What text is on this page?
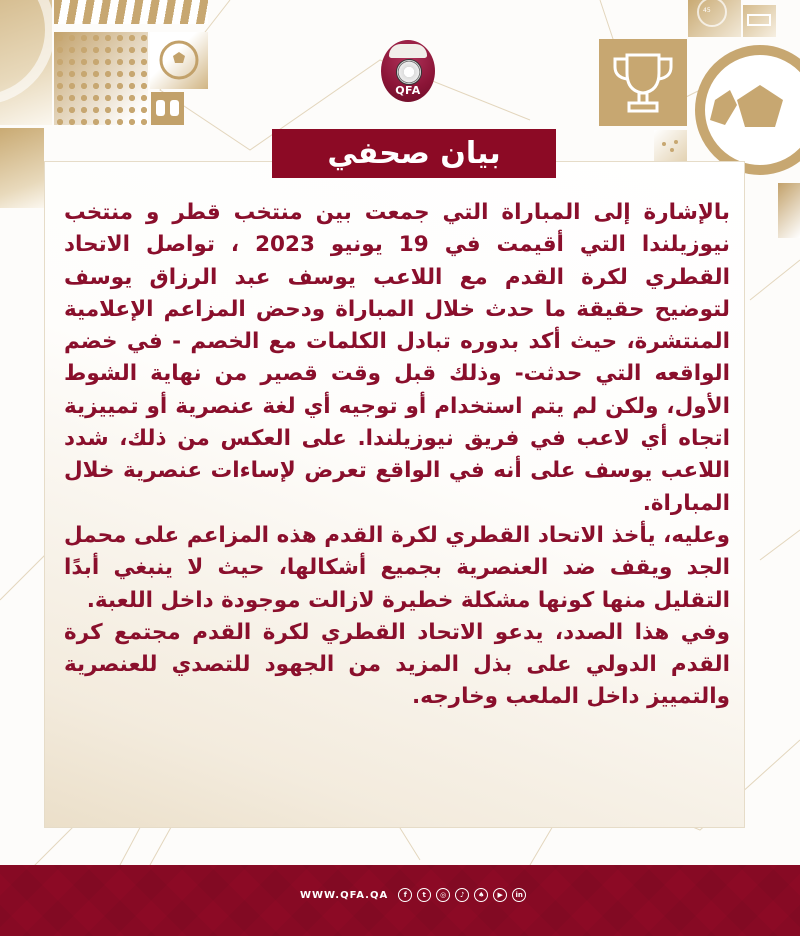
45
QFA
بيان صحفي

بالإشارة إلى المباراة التي جمعت بين منتخب قطر و منتخب نيوزيلندا التي أقيمت في 19 يونيو 2023 ، تواصل الاتحاد القطري لكرة القدم مع اللاعب يوسف عبد الرزاق يوسف لتوضيح حقيقة ما حدث خلال المباراة ودحض المزاعم الإعلامية المنتشرة، حيث أكد بدوره تبادل الكلمات مع الخصم - في خضم الواقعه التي حدثت- وذلك قبل وقت قصير من نهاية الشوط الأول، ولكن لم يتم استخدام أو توجيه أي لغة عنصرية أو تمييزية اتجاه أي لاعب في فريق نيوزيلندا. على العكس من ذلك، شدد اللاعب يوسف على أنه في الواقع تعرض لإساءات عنصرية خلال المباراة.

وعليه، يأخذ الاتحاد القطري لكرة القدم هذه المزاعم على محمل الجد ويقف ضد العنصرية بجميع أشكالها، حيث لا ينبغي أبدًا التقليل منها كونها مشكلة خطيرة لازالت موجودة داخل اللعبة.

وفي هذا الصدد، يدعو الاتحاد القطري لكرة القدم مجتمع كرة القدم الدولي على بذل المزيد من الجهود للتصدي للعنصرية والتمييز داخل الملعب وخارجه.

WWW.QFA.QA	f	t	◎	♪	♠	▶	in
